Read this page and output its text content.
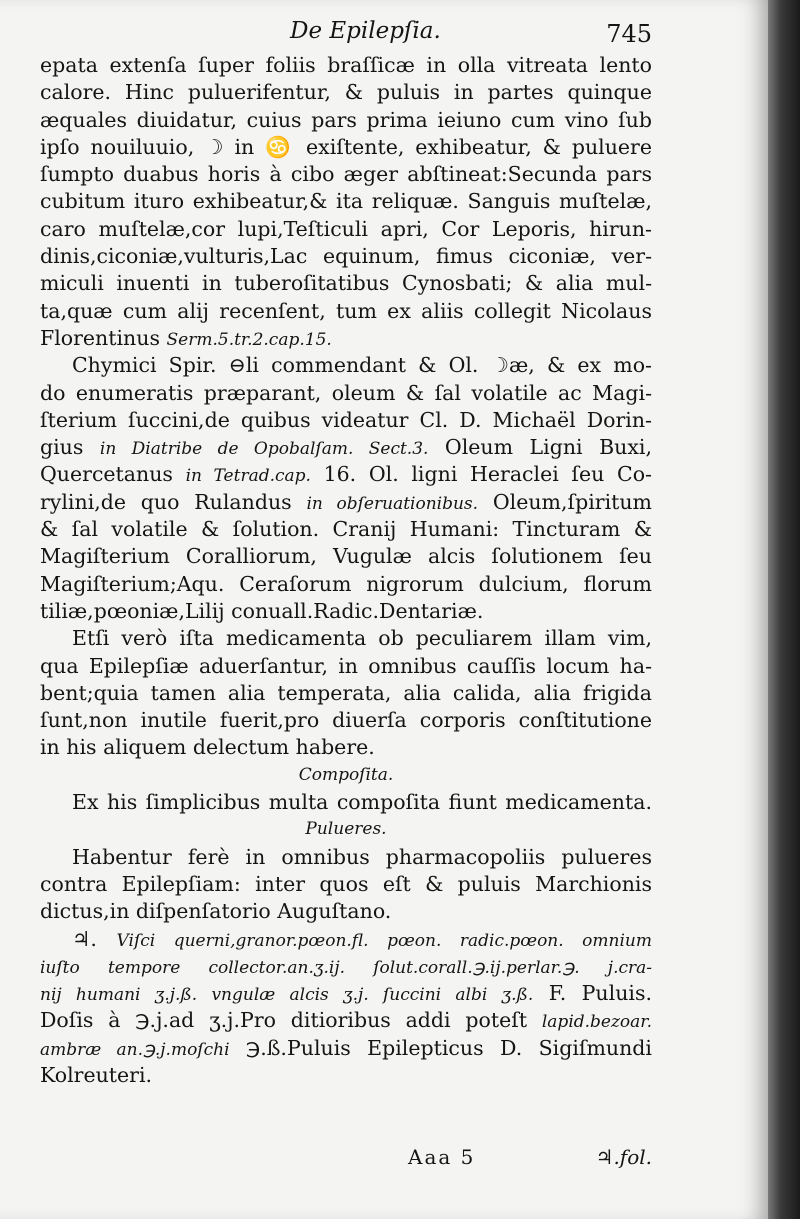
De Epilepſia.	745
epata extenſa ſuper foliis braſſicæ in olla vitreata lento
calore. Hinc puluerifentur, & puluis in partes quinque
æquales diuidatur, cuius pars prima ieiuno cum vino ſub
ipſo nouiluuio, ☽ in ♋ exiſtente, exhibeatur, & puluere
ſumpto duabus horis à cibo æger abſtineat:Secunda pars
cubitum ituro exhibeatur,& ita reliquæ. Sanguis muſtelæ,
caro muſtelæ,cor lupi,Teſticuli apri, Cor Leporis, hirun-
dinis,ciconiæ,vulturis,Lac equinum, fimus ciconiæ, ver-
miculi inuenti in tuberoſitatibus Cynosbati; & alia mul-
ta,quæ cum alij recenſent, tum ex aliis collegit Nicolaus
Florentinus Serm.5.tr.2.cap.15.
Chymici Spir. ⊖li commendant & Ol. ☽æ, & ex mo-
do enumeratis præparant, oleum & ſal volatile ac Magi-
ſterium ſuccini,de quibus videatur Cl. D. Michaël Dorin-
gius in Diatribe de Opobalſam. Sect.3. Oleum Ligni Buxi,
Quercetanus in Tetrad.cap. 16. Ol. ligni Heraclei ſeu Co-
rylini,de quo Rulandus in obſeruationibus. Oleum,ſpiritum
& ſal volatile & ſolution. Cranij Humani: Tincturam &
Magiſterium Coralliorum, Vugulæ alcis ſolutionem ſeu
Magiſterium;Aqu. Ceraſorum nigrorum dulcium, florum
tiliæ,pœoniæ,Lilij conuall.Radic.Dentariæ.
Etſi verò iſta medicamenta ob peculiarem illam vim,
qua Epilepſiæ aduerſantur, in omnibus cauſſis locum ha-
bent;quia tamen alia temperata, alia calida, alia frigida
ſunt,non inutile fuerit,pro diuerſa corporis conſtitutione
in his aliquem delectum habere.
Compoſita.
Ex his ſimplicibus multa compoſita fiunt medicamenta.
Pulueres.
Habentur ferè in omnibus pharmacopoliis pulueres
contra Epilepſiam: inter quos eſt & puluis Marchionis
dictus,in diſpenſatorio Auguſtano.
♃. Viſci querni,granor.pœon.fl. pœon. radic.pœon. omnium
iuſto tempore collector.an.ʒ.ij. ſolut.corall.℈.ij.perlar.℈. j.cra-
nij humani ʒ.j.ß. vngulæ alcis ʒ.j. ſuccini albi ʒ.ß. F. Puluis.
Doſis à ℈.j.ad ʒ.j.Pro ditioribus addi poteſt lapid.bezoar.
ambræ an.℈.j.moſchi ℈.ß.Puluis Epilepticus D. Sigiſmundi
Kolreuteri.
Aaa 5	♃.fol.
